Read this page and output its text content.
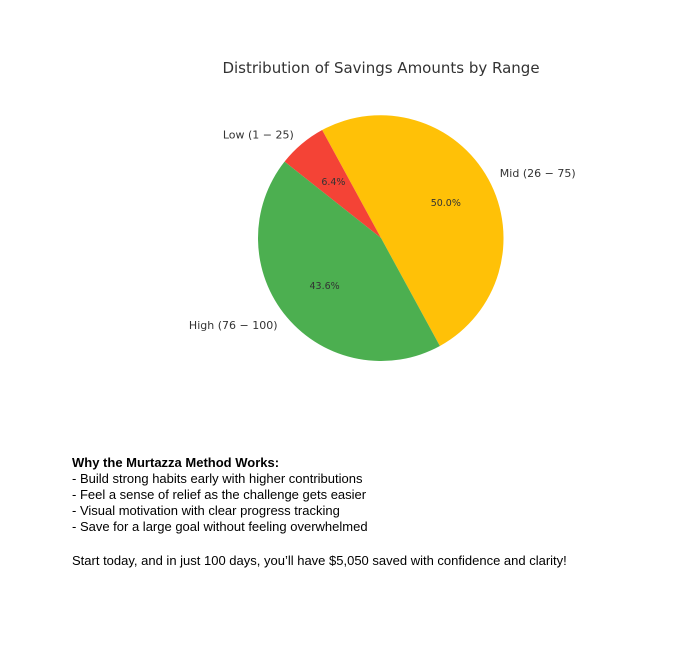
Distribution of Savings Amounts by Range
50.0%
Mid (26 − 75)
6.4%
Low (1 − 25)
43.6%
High (76 − 100)
Why the Murtazza Method Works:
- Build strong habits early with higher contributions
- Feel a sense of relief as the challenge gets easier
- Visual motivation with clear progress tracking
- Save for a large goal without feeling overwhelmed
Start today, and in just 100 days, you’ll have $5,050 saved with confidence and clarity!
